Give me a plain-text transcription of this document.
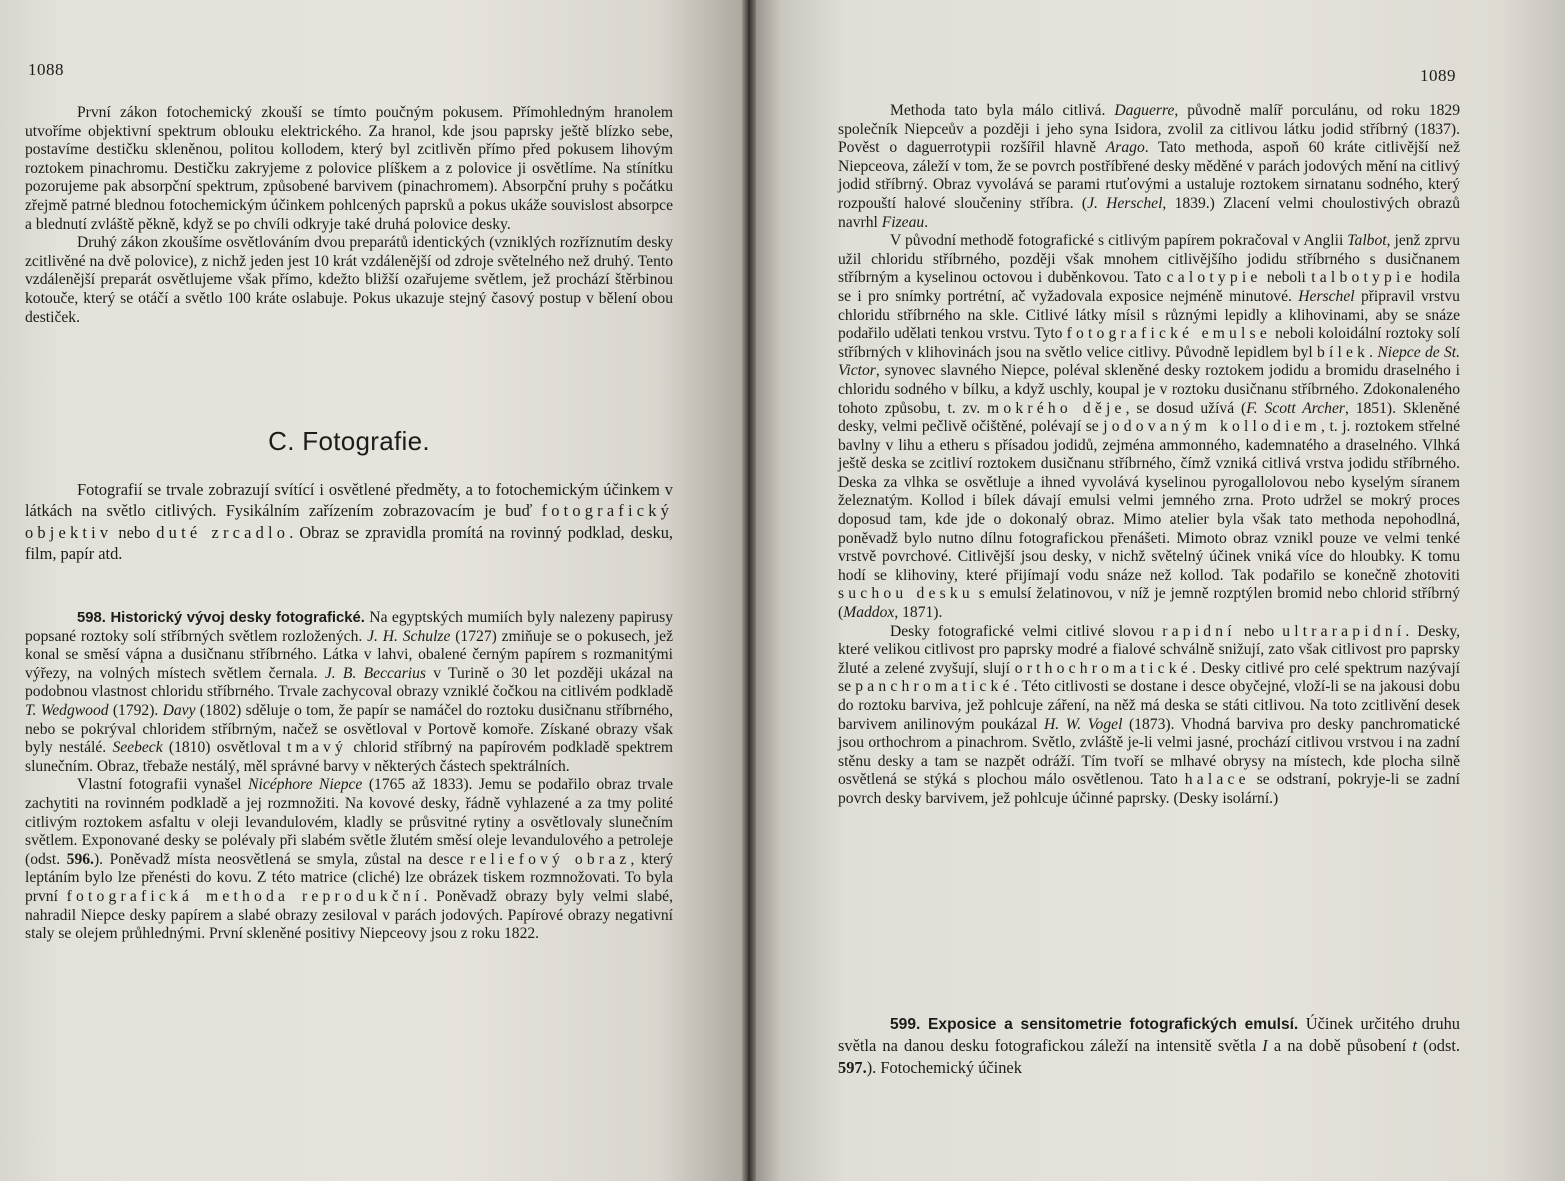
1088

První zákon fotochemický zkouší se tímto poučným pokusem. Přímohledným hranolem utvoříme objektivní spektrum oblouku elektrického. Za hranol, kde jsou paprsky ještě blízko sebe, postavíme destičku skleněnou, politou kollodem, který byl zcitlivěn přímo před pokusem lihovým roztokem pinachromu. Destičku zakryjeme z polovice plíškem a z polovice ji osvětlíme. Na stínítku pozorujeme pak absorpční spektrum, způsobené barvivem (pinachromem). Absorpční pruhy s počátku zřejmě patrné blednou fotochemickým účinkem pohlcených paprsků a pokus ukáže souvislost absorpce a blednutí zvláště pěkně, když se po chvíli odkryje také druhá polovice desky.

Druhý zákon zkoušíme osvětlováním dvou preparátů identických (vzniklých rozříznutím desky zcitlivěné na dvě polovice), z nichž jeden jest 10 krát vzdálenější od zdroje světelného než druhý. Tento vzdálenější preparát osvětlujeme však přímo, kdežto bližší ozařujeme světlem, jež prochází štěrbinou kotouče, který se otáčí a světlo 100 kráte oslabuje. Pokus ukazuje stejný časový postup v bělení obou destiček.

C. Fotografie.

Fotografií se trvale zobrazují svítící i osvětlené předměty, a to fotochemickým účinkem v látkách na světlo citlivých. Fysikálním zařízením zobrazovacím je buď fotografický objektiv nebo duté zrcadlo. Obraz se zpravidla promítá na rovinný podklad, desku, film, papír atd.

598. Historický vývoj desky fotografické. Na egyptských mumiích byly nalezeny papirusy popsané roztoky solí stříbrných světlem rozložených. J. H. Schulze (1727) zmiňuje se o pokusech, jež konal se směsí vápna a dusičnanu stříbrného. Látka v lahvi, obalené černým papírem s rozmanitými výřezy, na volných místech světlem černala. J. B. Beccarius v Turině o 30 let později ukázal na podobnou vlastnost chloridu stříbrného. Trvale zachycoval obrazy vzniklé čočkou na citlivém podkladě T. Wedgwood (1792). Davy (1802) sděluje o tom, že papír se namáčel do roztoku dusičnanu stříbrného, nebo se pokrýval chloridem stříbrným, načež se osvětloval v Portově komoře. Získané obrazy však byly nestálé. Seebeck (1810) osvětloval tmavý chlorid stříbrný na papírovém podkladě spektrem slunečním. Obraz, třebaže nestálý, měl správné barvy v některých částech spektrálních.

Vlastní fotografii vynašel Nicéphore Niepce (1765 až 1833). Jemu se podařilo obraz trvale zachytiti na rovinném podkladě a jej rozmnožiti. Na kovové desky, řádně vyhlazené a za tmy polité citlivým roztokem asfaltu v oleji levandulovém, kladly se průsvitné rytiny a osvětlovaly slunečním světlem. Exponované desky se polévaly při slabém světle žlutém směsí oleje levandulového a petroleje (odst. 596.). Poněvadž místa neosvětlená se smyla, zůstal na desce reliefový obraz, který leptáním bylo lze přenésti do kovu. Z této matrice (cliché) lze obrázek tiskem rozmnožovati. To byla první fotografická methoda reprodukční. Poněvadž obrazy byly velmi slabé, nahradil Niepce desky papírem a slabé obrazy zesiloval v parách jodových. Papírové obrazy negativní staly se olejem průhlednými. První skleněné positivy Niepceovy jsou z roku 1822.

1089

Methoda tato byla málo citlivá. Daguerre, původně malíř porculánu, od roku 1829 společník Niepceův a později i jeho syna Isidora, zvolil za citlivou látku jodid stříbrný (1837). Pověst o daguerrotypii rozšířil hlavně Arago. Tato methoda, aspoň 60 kráte citlivější než Niepceova, záleží v tom, že se povrch postříbřené desky měděné v parách jodových mění na citlivý jodid stříbrný. Obraz vyvolává se parami rtuťovými a ustaluje roztokem sirnatanu sodného, který rozpouští halové sloučeniny stříbra. (J. Herschel, 1839.) Zlacení velmi choulostivých obrazů navrhl Fizeau.

V původní methodě fotografické s citlivým papírem pokračoval v Anglii Talbot, jenž zprvu užil chloridu stříbrného, později však mnohem citlivějšího jodidu stříbrného s dusičnanem stříbrným a kyselinou octovou i duběnkovou. Tato calotypie neboli talbotypie hodila se i pro snímky portrétní, ač vyžadovala exposice nejméně minutové. Herschel připravil vrstvu chloridu stříbrného na skle. Citlivé látky mísil s různými lepidly a klihovinami, aby se snáze podařilo udělati tenkou vrstvu. Tyto fotografické emulse neboli koloidální roztoky solí stříbrných v klihovinách jsou na světlo velice citlivy. Původně lepidlem byl bílek. Niepce de St. Victor, synovec slavného Niepce, poléval skleněné desky roztokem jodidu a bromidu draselného i chloridu sodného v bílku, a když uschly, koupal je v roztoku dusičnanu stříbrného. Zdokonaleného tohoto způsobu, t. zv. mokrého děje, se dosud užívá (F. Scott Archer, 1851). Skleněné desky, velmi pečlivě očištěné, polévají se jodovaným kollodiem, t. j. roztokem střelné bavlny v lihu a etheru s přísadou jodidů, zejména ammonného, kademnatého a draselného. Vlhká ještě deska se zcitliví roztokem dusičnanu stříbrného, čímž vzniká citlivá vrstva jodidu stříbrného. Deska za vlhka se osvětluje a ihned vyvolává kyselinou pyrogallolovou nebo kyselým síranem železnatým. Kollod i bílek dávají emulsi velmi jemného zrna. Proto udržel se mokrý proces doposud tam, kde jde o dokonalý obraz. Mimo atelier byla však tato methoda nepohodlná, poněvadž bylo nutno dílnu fotografickou přenášeti. Mimoto obraz vznikl pouze ve velmi tenké vrstvě povrchové. Citlivější jsou desky, v nichž světelný účinek vniká více do hloubky. K tomu hodí se klihoviny, které přijímají vodu snáze než kollod. Tak podařilo se konečně zhotoviti suchou desku s emulsí želatinovou, v níž je jemně rozptýlen bromid nebo chlorid stříbrný (Maddox, 1871).

Desky fotografické velmi citlivé slovou rapidní nebo ultrarapidní. Desky, které velikou citlivost pro paprsky modré a fialové schválně snižují, zato však citlivost pro paprsky žluté a zelené zvyšují, slují orthochromatické. Desky citlivé pro celé spektrum nazývají se panchromatické. Této citlivosti se dostane i desce obyčejné, vloží-li se na jakousi dobu do roztoku barviva, jež pohlcuje záření, na něž má deska se státi citlivou. Na toto zcitlivění desek barvivem anilinovým poukázal H. W. Vogel (1873). Vhodná barviva pro desky panchromatické jsou orthochrom a pinachrom. Světlo, zvláště je-li velmi jasné, prochází citlivou vrstvou i na zadní stěnu desky a tam se nazpět odráží. Tím tvoří se mlhavé obrysy na místech, kde plocha silně osvětlená se stýká s plochou málo osvětlenou. Tato halace se odstraní, pokryje-li se zadní povrch desky barvivem, jež pohlcuje účinné paprsky. (Desky isolární.)

599. Exposice a sensitometrie fotografických emulsí. Účinek určitého druhu světla na danou desku fotografickou záleží na intensitě světla I a na době působení t (odst. 597.). Fotochemický účinek
